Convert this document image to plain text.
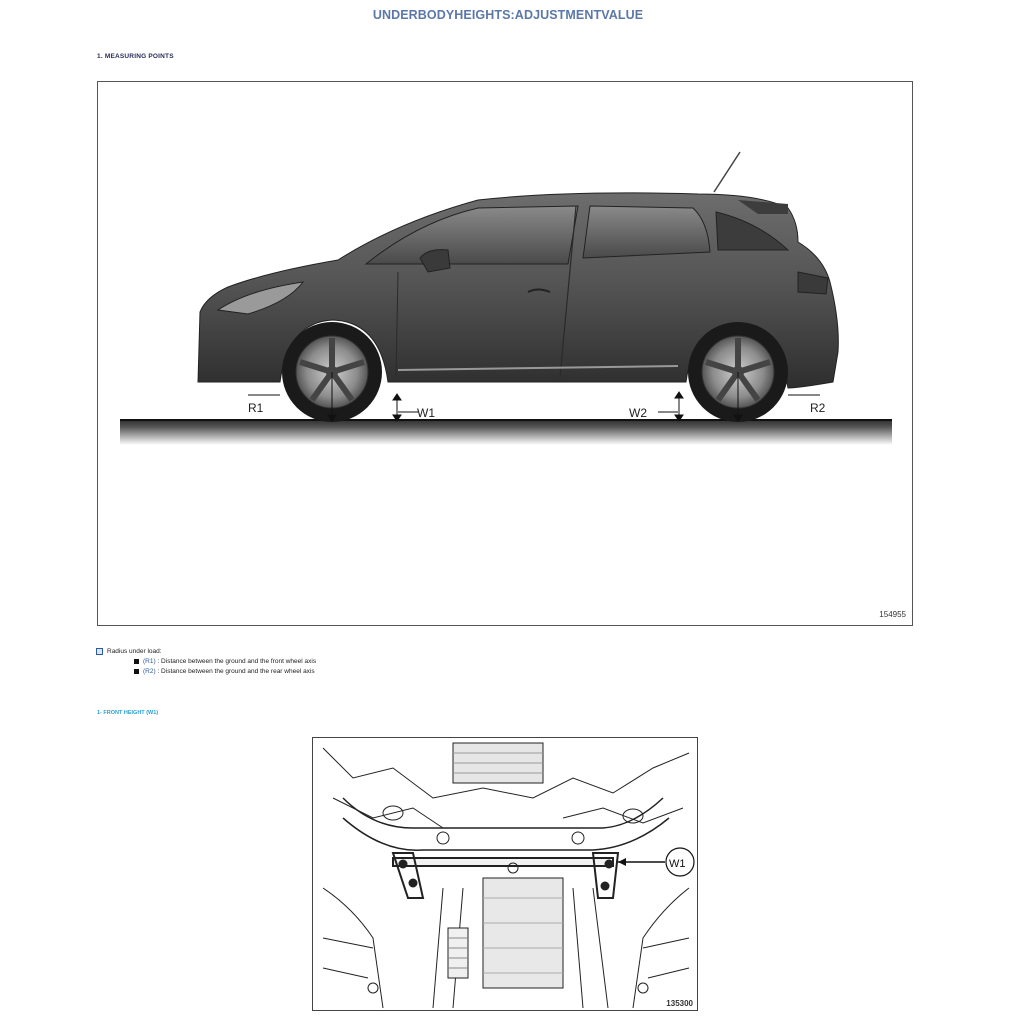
UNDERBODYHEIGHTS:ADJUSTMENTVALUE
1. MEASURING POINTS
R1	W1	W2	R2
154955
Radius under load:
(R1) : Distance between the ground and the front wheel axis
(R2) : Distance between the ground and the rear wheel axis
1- FRONT HEIGHT (W1)
W1
135300
